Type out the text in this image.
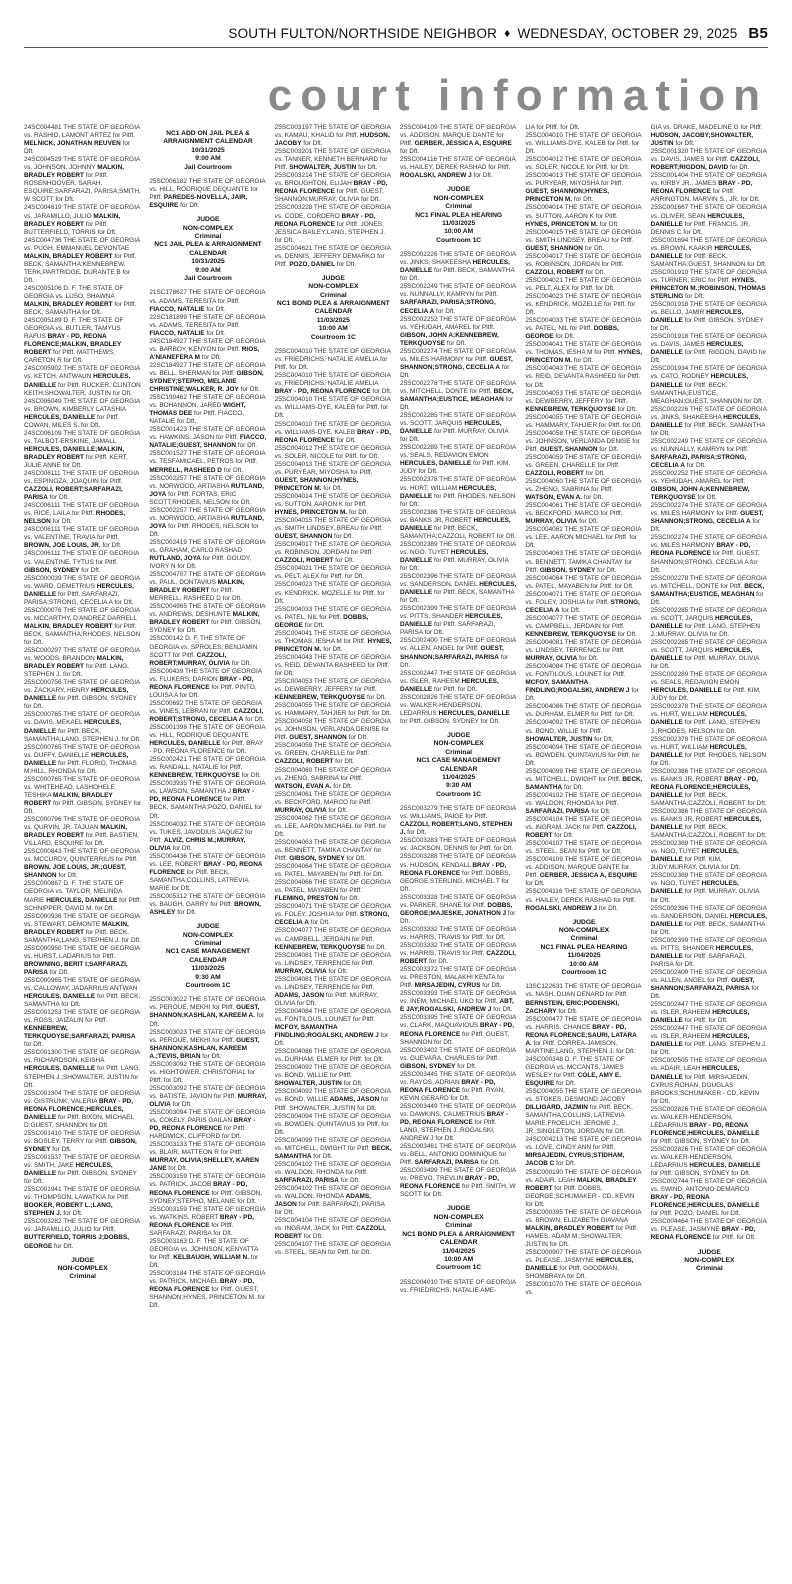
SOUTH FULTON/NORTHSIDE NEIGHBOR ♦ WEDNESDAY, OCTOBER 29, 2025 B5
court information
24SC004481 THE STATE OF GEORGIA vs. RASHID, LAMONT ARTEZ for Pltff. MELNICK, JONATHAN REUVEN for Dft.
24SC004529 THE STATE OF GEORGIA vs. JOHNSON, JOHNNY MALKIN, BRADLEY ROBERT for Pltff. ROSENHOOVER, SARAH, ESQUIRE;SARFARAZI, PARISA;SMITH, W SCOTT for Dft.
24SC004619 THE STATE OF GEORGIA vs. JARAMILLO, JULIO MALKIN, BRADLEY ROBERT for Pltff. BUTTERFIELD, TORRIS for Dft.
24SC004736 THE STATE OF GEORGIA vs. PUGH, EMMANUEL DEVONTAE MALKIN, BRADLEY ROBERT for Pltff. BECK, SAMANTHA;KENNEBREW, TERK;PARTRIDGE, DURANTE B for Dft.
24SC005106 D. F. THE STATE OF GEORGIA vs. LUSO, SHAWNA MALKIN, BRADLEY ROBERT for Pltff. BECK, SAMANTHA for Dft.
24SC005189 D. F. THE STATE OF GEORGIA vs. BUTLER, TAMYUS RAFUS BRAY - PD, REONA FLORENCE;MALKIN, BRADLEY ROBERT for Pltff. MATTHEWS, CARETON R for Dft.
24SC005902 THE STATE OF GEORGIA vs. KETCH, ANTWAUN HERCULES, DANIELLE for Pltff. RUCKER, CLINTON KEITH;SHOWALTER, JUSTIN for Dft.
24SC006049 THE STATE OF GEORGIA vs. BROWN, KIMBERLY LATASHIA HERCULES, DANIELLE for Pltff. COWAN, MILES S. for Dft.
24SC006109 THE STATE OF GEORGIA vs. TALBOT-ERSKINE, JAMALL HERCULES, DANIELLE;MALKIN, BRADLEY ROBERT for Pltff. KERT, JULIE ANNE for Dft.
24SC006111 THE STATE OF GEORGIA vs. ESPINOZA, JOAQUIN for Pltff. CAZZOLI, ROBERT;SARFARAZI, PARISA for Dft.
24SC006111 THE STATE OF GEORGIA vs. RICE, LAILA for Pltff. RHODES, NELSON for Dft.
24SC006111 THE STATE OF GEORGIA vs. VALENTINE, TRAVIA for Pltff. BROWN, JOE LOUIS, JR. for Dft.
24SC006111 THE STATE OF GEORGIA vs. VALENTINE, TYTUS for Pltff. GIBSON, SYDNEY for Dft.
25SC000039 THE STATE OF GEORGIA vs. WARD, DEMETRIUS HERCULES, DANIELLE for Pltff. SARFARAZI, PARISA;STRONG, CECELIA A for Dft.
25SC000076 THE STATE OF GEORGIA vs. MCCARTHY, D'ANDREZ DARRELL MALKIN, BRADLEY ROBERT for Pltff. BECK, SAMANTHA;RHODES, NELSON for Dft.
25SC000297 THE STATE OF GEORGIA vs. WOODS, BRANDON MALKIN, BRADLEY ROBERT for Pltff. LANG, STEPHEN J. for Dft.
25SC000756 THE STATE OF GEORGIA vs. ZACKARY, HENRY HERCULES, DANIELLE for Pltff. GIBSON, SYDNEY for Dft.
25SC000765 THE STATE OF GEORGIA vs. DAVIS, MEKAEL HERCULES, DANIELLE for Pltff. BECK, SAMANTHA;LANG, STEPHEN J. for Dft.
25SC000765 THE STATE OF GEORGIA vs. DUFFY, DANIELLE HERCULES, DANIELLE for Pltff. FLORIO, THOMAS M;HILL, RHONDA for Dft.
25SC000765 THE STATE OF GEORGIA vs. WHITEHEAD, LASHOHELE TESHIKA MALKIN, BRADLEY ROBERT for Pltff. GIBSON, SYDNEY for Dft.
25SC000796 THE STATE OF GEORGIA vs. QURVIN, JR. TAJUAN MALKIN, BRADLEY ROBERT for Pltff. BASTIEN, VILLARD, ESQUIRE for Dft.
25SC000843 THE STATE OF GEORGIA vs. MCCURDY, QUINTERRIUS for Pltff. BROWN, JOE LOUIS, JR.;GUEST, SHANNON for Dft.
25SC000867 D. F. THE STATE OF GEORGIA vs. TAYLOR, MELINDA MARIE HERCULES, DANIELLE for Pltff. SCHNIPPER, DAVID M. for Dft.
25SC000936 THE STATE OF GEORGIA vs. STEWART, DEMONTE MALKIN, BRADLEY ROBERT for Pltff. BECK, SAMANTHA;LANG, STEPHEN J. for Dft.
25SC000950 THE STATE OF GEORGIA vs. HURST, LADARIUS for Pltff. BROWNING, BERIT I;SARFARAZI, PARISA for Dft.
25SC000965 THE STATE OF GEORGIA vs. CALLOWAY, JADARRIUS ANTWAN HERCULES, DANIELLE for Pltff. BECK, SAMANTHA for Dft.
25SC001253 THE STATE OF GEORGIA vs. ROSS, JAIZALIN for Pltff. KENNEBREW, TERKQUOYSE;SARFARAZI, PARISA for Dft.
25SC001300 THE STATE OF GEORGIA vs. RICHARDSON, KEISHA HERCULES, DANIELLE for Pltff. LANG, STEPHEN J.;SHOWALTER, JUSTIN for Dft.
25SC001304 THE STATE OF GEORGIA vs. GISTRUNK, VALERIA BRAY - PD, REONA FLORENCE;HERCULES, DANIELLE for Pltff. BIXON, MICHAEL D;GUEST, SHANNON for Dft.
25SC001410 THE STATE OF GEORGIA vs. BOSLEY, TERRY for Pltff. GIBSON, SYDNEY for Dft.
25SC001537 THE STATE OF GEORGIA vs. SMITH, JAKE HERCULES, DANIELLE for Pltff. GIBSON, SYDNEY for Dft.
25SC001941 THE STATE OF GEORGIA vs. THOMPSON, LAWATKIA for Pltff. BOOKER, ROBERT L.;LANG, STEPHEN J. for Dft.
25SC003282 THE STATE OF GEORGIA vs. JARAMILLO, JULIO for Pltff. BUTTERFIELD, TORRIS J;DOBBS, GEORGE for Dft.
JUDGE
NON-COMPLEX
Criminal
NC1 ADD ON JAIL PLEA &
ARRAIGNMENT CALENDAR
10/31/2025
9:00 AM
Jail Courtroom
25SC006182 THE STATE OF GEORGIA vs. HILL, RODRIQUE DEQUANTE for Pltff. PAREDES-NOVELLA, JAIR, ESQUIRE for Dft.
JUDGE
NON-COMPLEX
Criminal
NC1 JAIL PLEA & ARRAIGNMENT
CALENDAR
10/31/2025
9:00 AM
Jail Courtroom
21SC178627 THE STATE OF GEORGIA vs. ADAMS, TERESITA for Pltff. FIACCO, NATALIE for Dft.
22SC181899 THE STATE OF GEORGIA vs. ADAMS, TERESITA for Pltff. FIACCO, NATALIE for Dft.
24SC184927 THE STATE OF GEORGIA vs. BARBOY, KENYON for Pltff. RIOS, A'NIANEFERA M for Dft.
22SC184927 THE STATE OF GEORGIA vs. BELL, SHERMAN for Pltff. GIBSON, SYDNEY;STEPHO, MELANIE CHRISTINE;WALKER, R. JOY for Dft.
25SC190462 THE STATE OF GEORGIA vs. BOHANNON, JARED WIGHT, THOMAS DEE for Pltff. FIACCO, NATALIE for Dft.
25SC001423 THE STATE OF GEORGIA vs. HAWKINS, JASON for Pltff. FIACCO, NATALIE;GUEST, SHANNON for Dft.
25SC001527 THE STATE OF GEORGIA vs. TESFAMICAEL, PETROS for Pltff. MERRELL, RASHEED D for Dft.
25SC002257 THE STATE OF GEORGIA vs. NORWOOD, ARTIASHA RUTLAND, JOYA for Pltff. FORTAS, ERIC SCOTT;RHODES, NELSON for Dft.
25SC002257 THE STATE OF GEORGIA vs. NORWOOD, ARTIASHA RUTLAND, JOYA for Pltff. RHODES, NELSON for Dft.
25SC002419 THE STATE OF GEORGIA vs. GRAHAM, CARLO RASHAD RUTLAND, JOYA for Pltff. GOUDY, IVORY N for Dft.
25SC004707 THE STATE OF GEORGIA vs. PAUL, DONTAVIUS MALKIN, BRADLEY ROBERT for Pltff. MERRELL, RASHEED D for Dft.
25SC004965 THE STATE OF GEORGIA vs. ANDREWS, DESHUNTE MALKIN, BRADLEY ROBERT for Pltff. GIBSON, SYDNEY for Dft.
25SC00142 D. F. THE STATE OF GEORGIA vs. SPROLES, BENJAMIN SCOTT for Pltff. CAZZOLI, ROBERT;MURRAY, OLIVIA for Dft.
25SC00439 THE STATE OF GEORGIA vs. FLUKERS, DARION BRAY - PD, REONA FLORENCE for Pltff. PINTO, LOUISA A for Dft.
25SC00692 THE STATE OF GEORGIA vs. VINES, LEBRAN for Pltff. CAZZOLI, ROBERT;STRONG, CECELIA A for Dft.
25SC001398 THE STATE OF GEORGIA vs. HILL, RODRIQUE DEQUANTE HERCULES, DANIELLE for Pltff. BRAY - PD, REONA FLORENCE for Dft.
25SC002421 THE STATE OF GEORGIA vs. RANDALL, NATALIE for Pltff. KENNEBREW, TERKQUOYSE for Dft.
25SC003935 THE STATE OF GEORGIA vs. LAWSON, SAMANTHA J BRAY - PD, REONA FLORENCE for Pltff. BECK, SAMANTHA;POZO, DANIEL for Dft.
25SC004032 THE STATE OF GEORGIA vs. TUKES, JAVODIUS JAQUEZ for Pltff. ALVIZ, CHRIS M.;MURRAY, OLIVIA for Dft.
25SC004436 THE STATE OF GEORGIA vs. LEE, ROBERT BRAY - PD, REONA FLORENCE for Pltff. BECK, SAMANTHA;COLLINS, LATREVIA MARIE for Dft.
25SC005312 THE STATE OF GEORGIA vs. BAUGH, GARRY for Pltff. BROWN, ASHLEY for Dft.
JUDGE
NON-COMPLEX
Criminal
NC1 CASE MANAGEMENT
CALENDAR
11/03/2025
9:30 AM
Courtroom 1C
25SC003022 THE STATE OF GEORGIA vs. PEROUE, MEKHI for Pltff. GUEST, SHANNON;KASHLAN, KAREEM A. for Dft.
25SC003023 THE STATE OF GEORGIA vs. PEROUE, MEKHI for Pltff. GUEST, SHANNON;KASHLAN, KAREEM A.;TEVIS, BRIAN for Dft.
25SC003092 THE STATE OF GEORGIA vs. HIGHTOWER, CHRISTORIAL for Pltff. for Dft.
25SC003092 THE STATE OF GEORGIA vs. BATISTE, JAVION for Pltff. MURRAY, OLIVIA for Dft.
25SC003094 THE STATE OF GEORGIA vs. COKELY, PARIS GAILAN BRAY - PD, REONA FLORENCE for Pltff. HARDWICK, CLIFFORD for Dft.
25SC003133 THE STATE OF GEORGIA vs. BLAIR, MATTEON R for Pltff. MURRAY, OLIVIA;SHELLEY, KAREN JANE for Dft.
25SC003159 THE STATE OF GEORGIA vs. PATRICK, JACOB BRAY - PD, REONA FLORENCE for Pltff. GIBSON, SYDNEY;STEPHO, MELANIE for Dft.
25SC003159 THE STATE OF GEORGIA vs. WATKINS, ROBERT BRAY - PD, REONA FLORENCE for Pltff. SARFARAZI, PARISA for Dft.
25SC003163 D. F. THE STATE OF GEORGIA vs. JOHNSON, KENYATTA for Pltff. KELBAUGH, WILLIAM N. for Dft.
25SC003184 THE STATE OF GEORGIA vs. PATRICK, MICHAEL BRAY - PD, REONA FLORENCE for Pltff. GUEST, SHANNON;HYNES, PRINCETON M. for Dft.
25SC003197 THE STATE OF GEORGIA vs. KAMAU, KHALID for Pltff. HUDSON, JACOBY for Dft.
25SC003201 THE STATE OF GEORGIA vs. TANNER, KENNETH BERNARD for Pltff. SHOWALTER, JUSTIN for Dft.
25SC003214 THE STATE OF GEORGIA vs. BROUGHTON, ELIJAH BRAY - PD, REONA FLORENCE for Pltff. GUEST, SHANNON;MURRAY, OLIVIA for Dft.
25SC003228 THE STATE OF GEORGIA vs. CODE, CORDERO BRAY - PD, REONA FLORENCE for Pltff. JONES, JESSICA BAILEY;LANG, STEPHEN J. for Dft.
25SC004621 THE STATE OF GEORGIA vs. DENNIS, JEFFERY DEMARKO for Pltff. POZO, DANIEL for Dft.
JUDGE
NON-COMPLEX
Criminal
NC1 BOND PLEA & ARRAIGNMENT
CALENDAR
11/03/2025
10:00 AM
Courtroom 1C
25SC004010 THE STATE OF GEORGIA vs. FRIEDRICHS, NATALIE AMELIA for Pltff. for Dft.
25SC004010 THE STATE OF GEORGIA vs. FRIEDRICHS, NATALIE AMELIA BRAY - PD, REONA FLORENCE for Dft.
25SC004010 THE STATE OF GEORGIA vs. WILLIAMS-DYE, KALEB for Pltff. for Dft.
25SC004010 THE STATE OF GEORGIA vs. WILLIAMS-DYE, KALEB BRAY - PD, REONA FLORENCE for Dft.
25SC004012 THE STATE OF GEORGIA vs. SOLER, NICOLE for Pltff. for Dft.
25SC004013 THE STATE OF GEORGIA vs. PURYEAR, MIYOSHA for Pltff. GUEST, SHANNON;HYNES, PRINCETON M. for Dft.
25SC004014 THE STATE OF GEORGIA vs. SUTTON, AARON K for Pltff. HYNES, PRINCETON M. for Dft.
25SC004015 THE STATE OF GEORGIA vs. SMITH LINDSEY, BREAU for Pltff. GUEST, SHANNON for Dft.
25SC004017 THE STATE OF GEORGIA vs. ROBINSON, JORDAN for Pltff. CAZZOLI, ROBERT for Dft.
25SC004021 THE STATE OF GEORGIA vs. PELT, ALEX for Pltff. for Dft.
25SC004023 THE STATE OF GEORGIA vs. KENDRICK, MOZELLE for Pltff. for Dft.
25SC004033 THE STATE OF GEORGIA vs. PATEL, NIL for Pltff. DOBBS, GEORGE for Dft.
25SC004041 THE STATE OF GEORGIA vs. THOMAS, IESHA M for Pltff. HYNES, PRINCETON M. for Dft.
25SC004043 THE STATE OF GEORGIA vs. REID, DEVANTA RASHEED for Pltff. for Dft.
25SC004053 THE STATE OF GEORGIA vs. DEWBERRY, JEFFERY for Pltff. KENNEBREW, TERKQUOYSE for Dft.
25SC004055 THE STATE OF GEORGIA vs. HAMMARY, TAHJIER for Pltff. for Dft.
25SC004058 THE STATE OF GEORGIA vs. JOHNSON, VERLANDA DENISE for Pltff. GUEST, SHANNON for Dft.
25SC004059 THE STATE OF GEORGIA vs. GREEN, CHARELLE for Pltff. CAZZOLI, ROBERT for Dft.
25SC004060 THE STATE OF GEORGIA vs. ZHENG, SABRINA for Pltff. WATSON, EVAN A. for Dft.
25SC004061 THE STATE OF GEORGIA vs. BECKFORD, MARCO for Pltff. MURRAY, OLIVIA for Dft.
25SC004062 THE STATE OF GEORGIA vs. LEE, AARON MICHAEL for Pltff. for Dft.
25SC004063 THE STATE OF GEORGIA vs. BENNETT, TAMIKA CHANTAY for Pltff. GIBSON, SYDNEY for Dft.
25SC004064 THE STATE OF GEORGIA vs. PATEL, MAYABEN for Pltff. for Dft.
25SC004066 THE STATE OF GEORGIA vs. PATEL, MAYABEN for Pltff. FLEMING, PRESTON for Dft.
25SC004071 THE STATE OF GEORGIA vs. FOLEY, JOSHUA for Pltff. STRONG, CECELIA A for Dft.
25SC004077 THE STATE OF GEORGIA vs. CAMPBELL, JERDAIN for Pltff. KENNEBREW, TERKQUOYSE for Dft.
25SC004081 THE STATE OF GEORGIA vs. LINDSEY, TERRENCE for Pltff. MURRAY, OLIVIA for Dft.
25SC004081 THE STATE OF GEORGIA vs. LINDSEY, TERRENCE for Pltff. ADAMS, JASON for Pltff. MURRAY, OLIVIA for Dft.
25SC004084 THE STATE OF GEORGIA vs. FONTILOUS, LOUNET for Pltff. MCFOY, SAMANTHA FINDLING;ROGALSKI, ANDREW J for Dft.
25SC004086 THE STATE OF GEORGIA vs. DURHAM, ELMER for Pltff. for Dft.
25SC004092 THE STATE OF GEORGIA vs. BOND, WILLIE for Pltff. SHOWALTER, JUSTIN for Dft.
25SC004092 THE STATE OF GEORGIA vs. BOND, WILLIE ADAMS, JASON for Pltff. SHOWALTER, JUSTIN for Dft.
25SC004094 THE STATE OF GEORGIA vs. BOWDEN, QUINTAVIUS for Pltff. for Dft.
25SC004099 THE STATE OF GEORGIA vs. MITCHELL, DWIGHT for Pltff. BECK, SAMANTHA for Dft.
25SC004102 THE STATE OF GEORGIA vs. WALDON, RHONDA for Pltff. SARFARAZI, PARISA for Dft.
25SC004102 THE STATE OF GEORGIA vs. WALDON, RHONDA ADAMS, JASON for Pltff. SARFARAZI, PARISA for Dft.
25SC004104 THE STATE OF GEORGIA vs. INGRAM, JACK for Pltff. CAZZOLI, ROBERT for Dft.
25SC004107 THE STATE OF GEORGIA vs. STEEL, SEAN for Pltff. for Dft.
25SC004109 THE STATE OF GEORGIA vs. ADDISON, MARQUE DANTE for Pltff. GERBER, JESSICA A, ESQUIRE for Dft.
25SC004116 THE STATE OF GEORGIA vs. HAILEY, DEREK RASHAD for Pltff. ROGALSKI, ANDREW J for Dft.
JUDGE
NON-COMPLEX
Criminal
NC1 FINAL PLEA HEARING
11/03/2025
10:00 AM
Courtroom 1C
25SC002226 THE STATE OF GEORGIA vs. JINKS, SHAKEESHA HERCULES, DANIELLE for Pltff. BECK, SAMANTHA for Dft.
25SC002249 THE STATE OF GEORGIA vs. NUNNALLY, KAMRYN for Pltff. SARFARAZI, PARISA;STRONG, CECELIA A for Dft.
25SC002252 THE STATE OF GEORGIA vs. YEHUDAH, AMAREL for Pltff. GIBSON, JOHN A;KENNEBREW, TERKQUOYSE for Dft.
25SC002274 THE STATE OF GEORGIA vs. MILES HARMONY for Pltff. GUEST, SHANNON;STRONG, CECELIA A for Dft.
25SC002278 THE STATE OF GEORGIA vs. MITCHELL, DONTE for Pltff. BECK, SAMANTHA;EUSTICE, MEAGHAN for Dft.
25SC002285 THE STATE OF GEORGIA vs. SCOTT, JARQUIS HERCULES, DANIELLE for Pltff. MURRAY, OLIVIA for Dft.
25SC002289 THE STATE OF GEORGIA vs. SEALS, REDAVION EMON HERCULES, DANIELLE for Pltff. KIM, JUDY for Dft.
25SC002378 THE STATE OF GEORGIA vs. HURT, WILLIAM HERCULES, DANIELLE for Pltff. RHODES, NELSON for Dft.
25SC002386 THE STATE OF GEORGIA vs. BANKS JR, ROBERT HERCULES, DANIELLE for Pltff. BECK, SAMANTHA;CAZZOLI, ROBERT for Dft.
25SC002389 THE STATE OF GEORGIA vs. NGO, TUYET HERCULES, DANIELLE for Pltff. MURRAY, OLIVIA for Dft.
25SC002396 THE STATE OF GEORGIA vs. SANDERSON, DANIEL HERCULES, DANIELLE for Pltff. BECK, SAMANTHA for Dft.
25SC002399 THE STATE OF GEORGIA vs. PITTS, SHANDER HERCULES, DANIELLE for Pltff. SARFARAZI, PARISA for Dft.
25SC002400 THE STATE OF GEORGIA vs. ALLEN, ANGEL for Pltff. GUEST, SHANNON;SARFARAZI, PARISA for Dft.
25SC002447 THE STATE OF GEORGIA vs. ISLER, RAHEEM HERCULES, DANIELLE for Pltff. for Dft.
25SC002826 THE STATE OF GEORGIA vs. WALKER-HENDERSON, LEDARRIUS HERCULES, DANIELLE for Pltff. GIBSON, SYDNEY for Dft.
JUDGE
NON-COMPLEX
Criminal
NC1 CASE MANAGEMENT
CALENDAR
11/04/2025
9:30 AM
Courtroom 1C
25SC003279 THE STATE OF GEORGIA vs. WILLIAMS, PAIGE for Pltff. CAZZOLI, ROBERT;LANG, STEPHEN J. for Dft.
25SC003283 THE STATE OF GEORGIA vs. JACKSON, DENNIS for Pltff. for Dft.
25SC003288 THE STATE OF GEORGIA vs. HUDSON, KENDALL BRAY - PD, REONA FLORENCE for Pltff. DOBBS, GEORGE;STERLING, MICHAEL T for Dft.
25SC003328 THE STATE OF GEORGIA vs. PARKER, SHANE for Pltff. DOBBS, GEORGE;MAJESKE, JONATHON J for Dft.
25SC003332 THE STATE OF GEORGIA vs. HARRIS, TRAVIS for Pltff. for Dft.
25SC003332 THE STATE OF GEORGIA vs. HARRIS, TRAVIS for Pltff. CAZZOLI, ROBERT for Dft.
25SC003372 THE STATE OF GEORGIA vs. PRESTON, MALAKHI KENTA for Pltff. MIRSAJEDIN, CYRUS for Dft.
25SC003393 THE STATE OF GEORGIA vs. INEM, MICHAEL UKO for Pltff. ABT, E JAY;ROGALSKI, ANDREW J for Dft.
25SC003395 THE STATE OF GEORGIA vs. CLARK, MAQUAVIOUS BRAY - PD, REONA FLORENCE for Pltff. GUEST, SHANNON for Dft.
25SC003402 THE STATE OF GEORGIA vs. GUEVARA, CHARLES for Pltff. GIBSON, SYDNEY for Dft.
25SC003445 THE STATE OF GEORGIA vs. RAYOS, ADRIAN BRAY - PD, REONA FLORENCE for Pltff. RYAN, KEVIN GERARD for Dft.
25SC003449 THE STATE OF GEORGIA vs. DAWKINS, CALMETRIUS BRAY - PD, REONA FLORENCE for Pltff. LANG, STEPHEN J.;ROGALSKI, ANDREW J for Dft.
25SC003461 THE STATE OF GEORGIA vs. BELL, ANTONIO DOMINIQUE for Pltff. SARFARAZI, PARISA for Dft.
25SC003499 THE STATE OF GEORGIA vs. PREVO, TREVLIN BRAY - PD, REONA FLORENCE for Pltff. SMITH, W SCOTT for Dft.
JUDGE
NON-COMPLEX
Criminal
NC1 BOND PLEA & ARRAIGNMENT
CALENDAR
11/04/2025
10:00 AM
Courtroom 1C
25SC004010 THE STATE OF GEORGIA vs. FRIEDRICHS, NATALIE AME-
LIA for Pltff. for Dft.
25SC004010 THE STATE OF GEORGIA vs. WILLIAMS-DYE, KALEB for Pltff. for Dft.
25SC004012 THE STATE OF GEORGIA vs. SOLER, NICOLE for Pltff. for Dft.
25SC004013 THE STATE OF GEORGIA vs. PURYEAR, MIYOSHA for Pltff. GUEST, SHANNON;HYNES, PRINCETON M. for Dft.
25SC004014 THE STATE OF GEORGIA vs. SUTTON, AARON K for Pltff. HYNES, PRINCETON M. for Dft.
25SC004015 THE STATE OF GEORGIA vs. SMITH LINDSEY, BREAU for Pltff. GUEST, SHANNON for Dft.
25SC004017 THE STATE OF GEORGIA vs. ROBINSON, JORDAN for Pltff. CAZZOLI, ROBERT for Dft.
25SC004021 THE STATE OF GEORGIA vs. PELT, ALEX for Pltff. for Dft.
25SC004023 THE STATE OF GEORGIA vs. KENDRICK, MOZELLE for Pltff. for Dft.
25SC004033 THE STATE OF GEORGIA vs. PATEL, NIL for Pltff. DOBBS, GEORGE for Dft.
25SC004041 THE STATE OF GEORGIA vs. THOMAS, IESHA M for Pltff. HYNES, PRINCETON M. for Dft.
25SC004043 THE STATE OF GEORGIA vs. REID, DEVANTA RASHEED for Pltff. for Dft.
25SC004053 THE STATE OF GEORGIA vs. DEWBERRY, JEFFERY for Pltff. KENNEBREW, TERKQUOYSE for Dft.
25SC004055 THE STATE OF GEORGIA vs. HAMMARY, TAHJIER for Pltff. for Dft.
25SC004058 THE STATE OF GEORGIA vs. JOHNSON, VERLANDA DENISE for Pltff. GUEST, SHANNON for Dft.
25SC004059 THE STATE OF GEORGIA vs. GREEN, CHARELLE for Pltff. CAZZOLI, ROBERT for Dft.
25SC004060 THE STATE OF GEORGIA vs. ZHENG, SABRINA for Pltff. WATSON, EVAN A. for Dft.
25SC004061 THE STATE OF GEORGIA vs. BECKFORD, MARCO for Pltff. MURRAY, OLIVIA for Dft.
25SC004062 THE STATE OF GEORGIA vs. LEE, AARON MICHAEL for Pltff. for Dft.
25SC004063 THE STATE OF GEORGIA vs. BENNETT, TAMIKA CHANTAY for Pltff. GIBSON, SYDNEY for Dft.
25SC004064 THE STATE OF GEORGIA vs. PATEL, MAYABEN for Pltff. for Dft.
25SC004071 THE STATE OF GEORGIA vs. FOLEY, JOSHUA for Pltff. STRONG, CECELIA A for Dft.
25SC004077 THE STATE OF GEORGIA vs. CAMPBELL, JERDAIN for Pltff. KENNEBREW, TERKQUOYSE for Dft.
25SC004081 THE STATE OF GEORGIA vs. LINDSEY, TERRENCE for Pltff. MURRAY, OLIVIA for Dft.
25SC004084 THE STATE OF GEORGIA vs. FONTILOUS, LOUNET for Pltff. MCFOY, SAMANTHA FINDLING;ROGALSKI, ANDREW J for Dft.
25SC004086 THE STATE OF GEORGIA vs. DURHAM, ELMER for Pltff. for Dft.
25SC004092 THE STATE OF GEORGIA vs. BOND, WILLIE for Pltff. SHOWALTER, JUSTIN for Dft.
25SC004094 THE STATE OF GEORGIA vs. BOWDEN, QUINTAVIUS for Pltff. for Dft.
25SC004099 THE STATE OF GEORGIA vs. MITCHELL, DWIGHT for Pltff. BECK, SAMANTHA for Dft.
25SC004102 THE STATE OF GEORGIA vs. WALDON, RHONDA for Pltff. SARFARAZI, PARISA for Dft.
25SC004104 THE STATE OF GEORGIA vs. INGRAM, JACK for Pltff. CAZZOLI, ROBERT for Dft.
25SC004107 THE STATE OF GEORGIA vs. STEEL, SEAN for Pltff. for Dft.
25SC004109 THE STATE OF GEORGIA vs. ADDISON, MARQUE DANTE for Pltff. GERBER, JESSICA A, ESQUIRE for Dft.
25SC004116 THE STATE OF GEORGIA vs. HAILEY, DEREK RASHAD for Pltff. ROGALSKI, ANDREW J for Dft.
JUDGE
NON-COMPLEX
Criminal
NC1 FINAL PLEA HEARING
11/04/2025
10:00 AM
Courtroom 1C
13SC122631 THE STATE OF GEORGIA vs. NASH, DUAN DENARD for Pltff. BERNSTEIN, ERIC;PODENSKI, ZACHARY for Dft.
25SC000477 THE STATE OF GEORGIA vs. HARRIS, CHANCE BRAY - PD, REONA FLORENCE;SAURI, LATARA A. for Pltff. CORREA-JAMISON, MARTINE;LANG, STEPHEN J. for Dft.
24SC000348 D. F. THE STATE OF GEORGIA vs. MCCANTS, JAMES WESLEY for Pltff. COLE, AMY E, ESQUIRE for Dft.
25SC004055 THE STATE OF GEORGIA vs. STOKES, DESMOND JACOBY DILLIGARD, JAZMIN for Pltff. BECK, SAMANTHA;COLLINS, LATREVIA MARIE;FROELICH, JEROME J., JR.;SINGLETON, JORDAN for Dft.
24SC004213 THE STATE OF GEORGIA vs. LOVE, CINDY ANN for Pltff. MIRSAJEDIN, CYRUS;STIDHAM, JACOB C for Dft.
25SC000190 THE STATE OF GEORGIA vs. ADAIR, LEAH MALKIN, BRADLEY ROBERT for Pltff. DOBBS, GEORGE;SCHUMAKER - CD, KEVIN for Dft.
25SC000395 THE STATE OF GEORGIA vs. BROWN, ELIZABETH GIAVANA MALKIN, BRADLEY ROBERT for Pltff. HAMES, ADAM M.;SHOWALTER, JUSTIN for Dft.
25SC000907 THE STATE OF GEORGIA vs. PLEASE, JASMYNE HERCULES, DANIELLE for Pltff. GOODMAN, SHOMBRAYA for Dft.
25SC001070 THE STATE OF GEORGIA vs.
GIA vs. DRAKE, MADELINE G for Pltff. HUDSON, JACOBY;SHOWALTER, JUSTIN for Dft.
25SC001320 THE STATE OF GEORGIA vs. DAVIS, JAMES for Pltff. CAZZOLI, ROBERT;RIGDON, DAVID for Dft.
25SC001404 THE STATE OF GEORGIA vs. KIRBY JR., JAMES BRAY - PD, REONA FLORENCE for Pltff. ARRINGTON, MARVIN S., JR. for Dft.
25SC001667 THE STATE OF GEORGIA vs. OLIVER, SEAN HERCULES, DANIELLE for Pltff. FRANCIS, JR, DENNIS C for Dft.
25SC001694 THE STATE OF GEORGIA vs. BROWN, KAAKIR HERCULES, DANIELLE for Pltff. BECK, SAMANTHA;GUEST, SHANNON for Dft.
25SC001910 THE STATE OF GEORGIA vs. TURNER, ERIC for Pltff. HYNES, PRINCETON M.;ROBINSON, THOMAS STERLING for Dft.
25SC001918 THE STATE OF GEORGIA vs. BELLO, JAMIR HERCULES, DANIELLE for Pltff. GIBSON, SYDNEY for Dft.
25SC001918 THE STATE OF GEORGIA vs. DAVIS, JAMES HERCULES, DANIELLE for Pltff. RIGDON, DAVID for Dft.
25SC001934 THE STATE OF GEORGIA vs. CATO, RODNEY HERCULES, DANIELLE for Pltff. BECK, SAMANTHA;EUSTICE, MEAGHAN;GUEST, SHANNON for Dft.
25SC002226 THE STATE OF GEORGIA vs. JINKS, SHAKEESHA HERCULES, DANIELLE for Pltff. BECK, SAMANTHA for Dft.
25SC002249 THE STATE OF GEORGIA vs. NUNNALLY, KAMRYN for Pltff. SARFARAZI, PARISA;STRONG, CECELIA A for Dft.
25SC002252 THE STATE OF GEORGIA vs. YEHUDAH, AMAREL for Pltff. GIBSON, JOHN A;KENNEBREW, TERKQUOYSE for Dft.
25SC002274 THE STATE OF GEORGIA vs. MILES HARMONY for Pltff. GUEST, SHANNON;STRONG, CECELIA A for Dft.
25SC002274 THE STATE OF GEORGIA vs. MILES HARMONY BRAY - PD, REONA FLORENCE for Pltff. GUEST, SHANNON;STRONG, CECELIA A for Dft.
25SC002278 THE STATE OF GEORGIA vs. MITCHELL, DONTE for Pltff. BECK, SAMANTHA;EUSTICE, MEAGHAN for Dft.
25SC002285 THE STATE OF GEORGIA vs. SCOTT, JARQUIS HERCULES, DANIELLE for Pltff. LANG, STEPHEN J.;MURRAY, OLIVIA for Dft.
25SC002285 THE STATE OF GEORGIA vs. SCOTT, JARQUIS HERCULES, DANIELLE for Pltff. MURRAY, OLIVIA for Dft.
25SC002289 THE STATE OF GEORGIA vs. SEALS, REDAVION EMON HERCULES, DANIELLE for Pltff. KIM, JUDY for Dft.
25SC002378 THE STATE OF GEORGIA vs. HURT, WILLIAM HERCULES, DANIELLE for Pltff. LANG, STEPHEN J.;RHODES, NELSON for Dft.
25SC002378 THE STATE OF GEORGIA vs. HURT, WILLIAM HERCULES, DANIELLE for Pltff. RHODES, NELSON for Dft.
25SC002386 THE STATE OF GEORGIA vs. BANKS JR, ROBERT BRAY - PD, REONA FLORENCE;HERCULES, DANIELLE for Pltff. BECK, SAMANTHA;CAZZOLI, ROBERT for Dft.
25SC002386 THE STATE OF GEORGIA vs. BANKS JR, ROBERT HERCULES, DANIELLE for Pltff. BECK, SAMANTHA;CAZZOLI, ROBERT for Dft.
25SC002389 THE STATE OF GEORGIA vs. NGO, TUYET HERCULES, DANIELLE for Pltff. KIM, JUDY;MURRAY, OLIVIA for Dft.
25SC002389 THE STATE OF GEORGIA vs. NGO, TUYET HERCULES, DANIELLE for Pltff. MURRAY, OLIVIA for Dft.
25SC002396 THE STATE OF GEORGIA vs. SANDERSON, DANIEL HERCULES, DANIELLE for Pltff. BECK, SAMANTHA for Dft.
25SC002399 THE STATE OF GEORGIA vs. PITTS, SHANDER HERCULES, DANIELLE for Pltff. SARFARAZI, PARISA for Dft.
25SC002400 THE STATE OF GEORGIA vs. ALLEN, ANGEL for Pltff. GUEST, SHANNON;SARFARAZI, PARISA for Dft.
25SC002447 THE STATE OF GEORGIA vs. ISLER, RAHEEM HERCULES, DANIELLE for Pltff. for Dft.
25SC002447 THE STATE OF GEORGIA vs. ISLER, RAHEEM HERCULES, DANIELLE for Pltff. LANG, STEPHEN J. for Dft.
25SC002505 THE STATE OF GEORGIA vs. ADAIR, LEAH HERCULES, DANIELLE for Pltff. MIRSAJEDIN, CYRUS;ROHAN, DOUGLAS BROOKS;SCHUMAKER - CD, KEVIN for Dft.
25SC002826 THE STATE OF GEORGIA vs. WALKER-HENDERSON, LEDARRIUS BRAY - PD, REONA FLORENCE;HERCULES, DANIELLE for Pltff. GIBSON, SYDNEY for Dft.
25SC002826 THE STATE OF GEORGIA vs. WALKER-HENDERSON, LEDARRIUS HERCULES, DANIELLE for Pltff. GIBSON, SYDNEY for Dft.
25SC002744 THE STATE OF GEORGIA vs. SWIND, ANTONIO DEMARCO BRAY - PD, REONA FLORENCE;HERCULES, DANIELLE for Pltff. POZO, DANIEL for Dft.
25SC004464 THE STATE OF GEORGIA vs. PLEASE, JASMYNE BRAY - PD, REONA FLORENCE for Pltff. for Dft.
JUDGE
NON-COMPLEX
Criminal
